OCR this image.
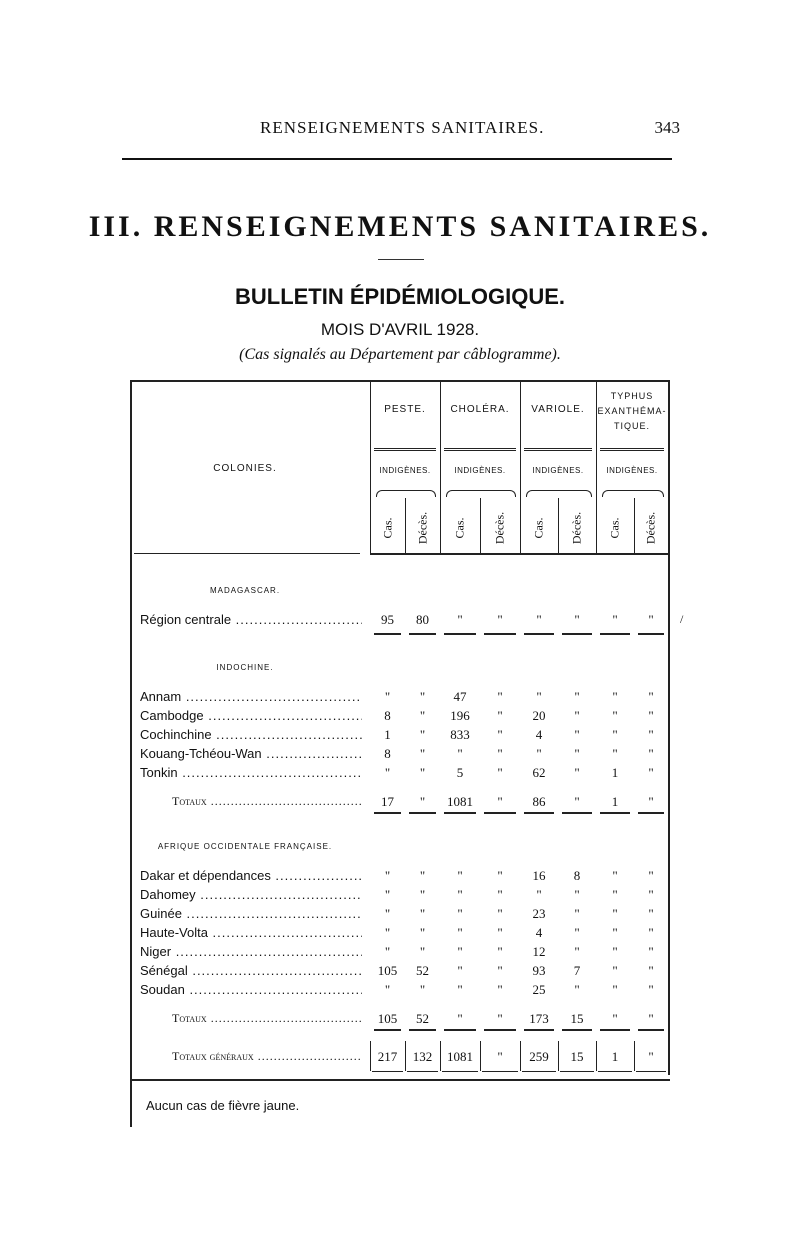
RENSEIGNEMENTS SANITAIRES.	343
III. RENSEIGNEMENTS SANITAIRES.
BULLETIN ÉPIDÉMIOLOGIQUE.
MOIS D'AVRIL 1928.
(Cas signalés au Département par câblogramme).
PESTE.
INDIGÈNES.
Cas. Décès.
CHOLÉRA.
INDIGÈNES.
Cas. Décès.
VARIOLE.
INDIGÈNES.
Cas. Décès.
TYPHUS
EXANTHÉMA-
TIQUE.
INDIGÈNES.
Cas. Décès.
COLONIES.
MADAGASCAR.
Région centrale .....	95	80	"	"	"	"	"	"
INDOCHINE.
Annam .....	"	"	47	"	"	"	"	"
Cambodge .....	8	"	196	"	20	"	"	"
Cochinchine .....	1	"	833	"	4	"	"	"
Kouang-Tchéou-Wan .....	8	"	"	"	"	"	"	"
Tonkin .....	"	"	5	"	62	"	1	"
Totaux .....	17	"	1081	"	86	"	1	"
AFRIQUE OCCIDENTALE FRANÇAISE.
Dakar et dépendances .....	"	"	"	"	16	8	"	"
Dahomey .....	"	"	"	"	"	"	"	"
Guinée .....	"	"	"	"	23	"	"	"
Haute-Volta .....	"	"	"	"	4	"	"	"
Niger .....	"	"	"	"	12	"	"	"
Sénégal .....	105	52	"	"	93	7	"	"
Soudan .....	"	"	"	"	25	"	"	"
Totaux .....	105	52	"	"	173	15	"	"
Totaux généraux .....	217	132	1081	"	259	15	1	"
Aucun cas de fièvre jaune.
/
